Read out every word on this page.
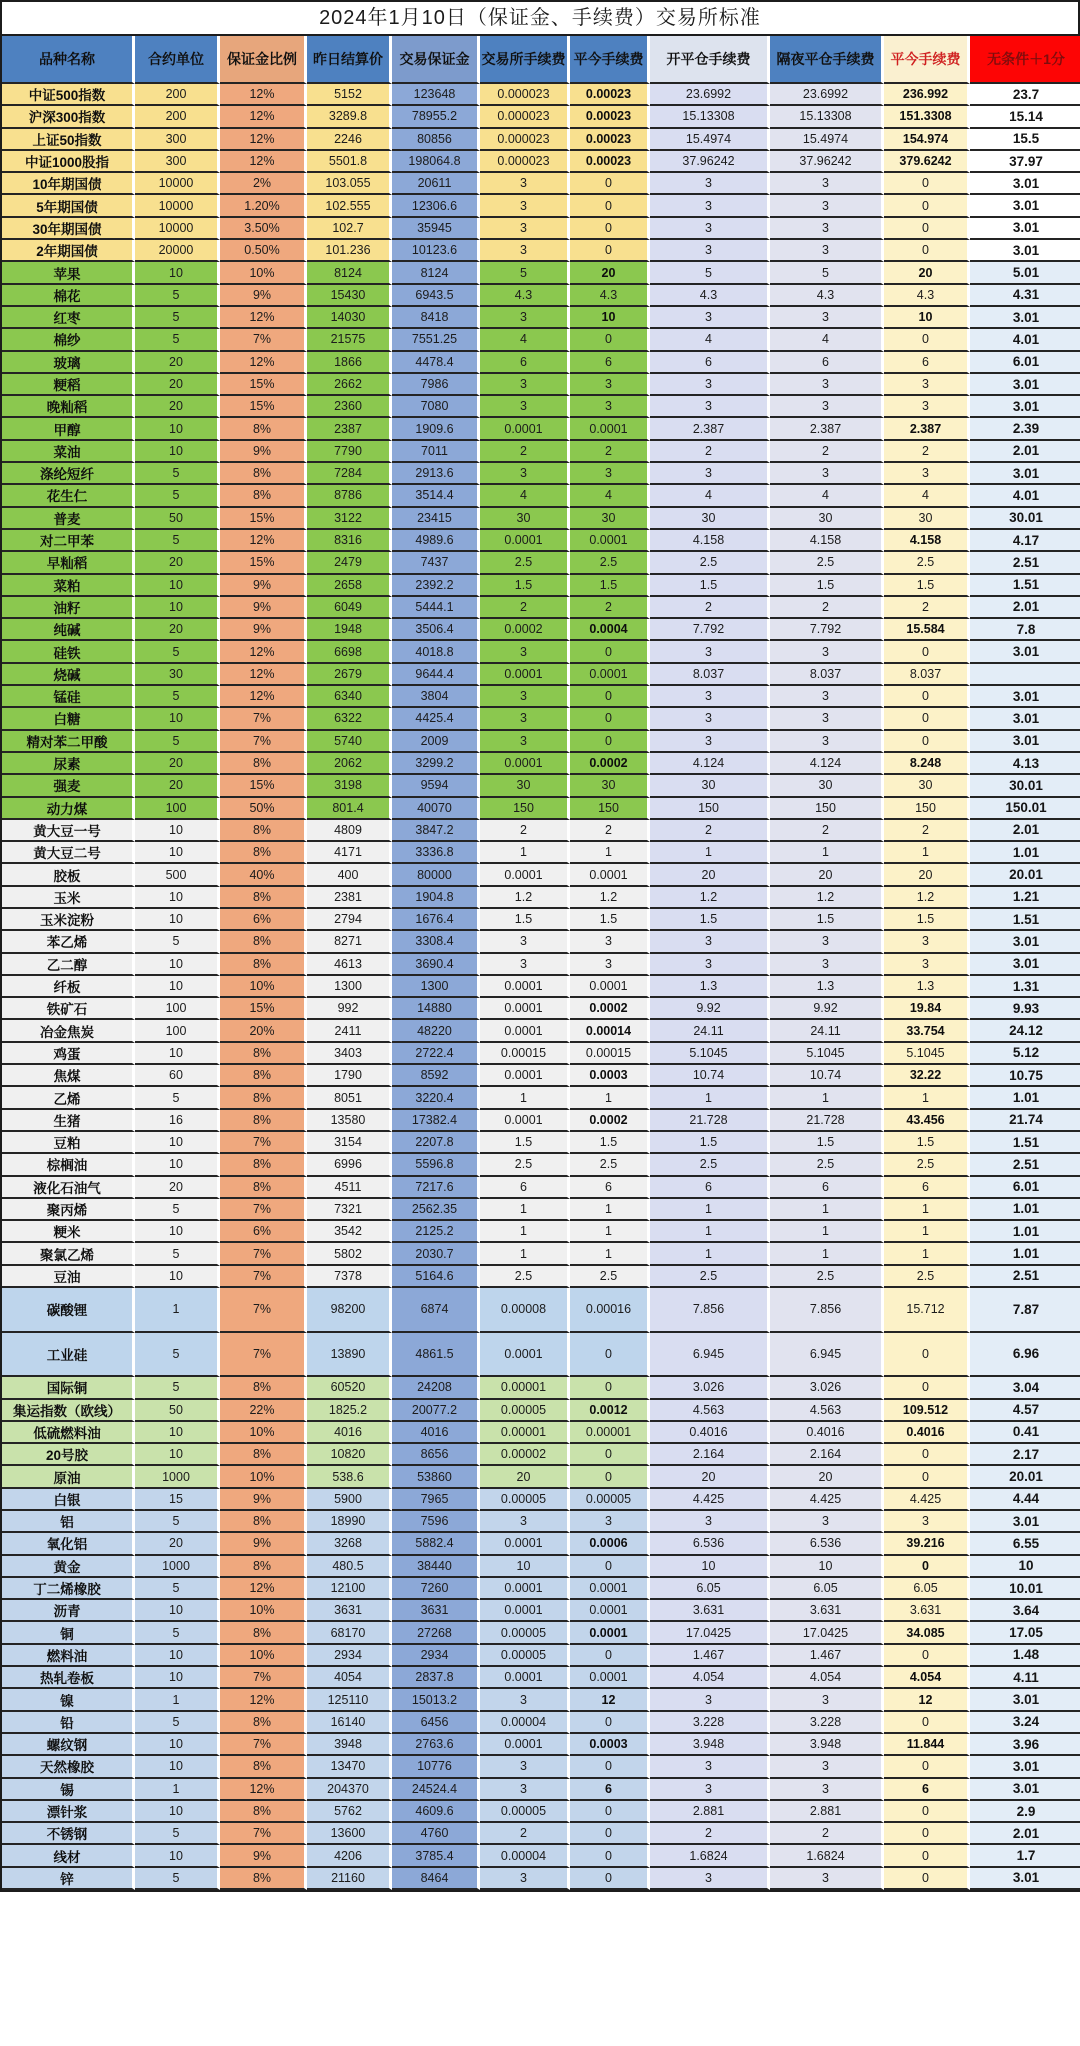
2024年1月10日（保证金、手续费）交易所标准
品种名称	合约单位	保证金比例	昨日结算价	交易保证金	交易所手续费	平今手续费	开平仓手续费	隔夜平仓手续费	平今手续费	无条件＋1分
中证500指数	200	12%	5152	123648	0.000023	0.00023	23.6992	23.6992	236.992	23.7
沪深300指数	200	12%	3289.8	78955.2	0.000023	0.00023	15.13308	15.13308	151.3308	15.14
上证50指数	300	12%	2246	80856	0.000023	0.00023	15.4974	15.4974	154.974	15.5
中证1000股指	300	12%	5501.8	198064.8	0.000023	0.00023	37.96242	37.96242	379.6242	37.97
10年期国债	10000	2%	103.055	20611	3	0	3	3	0	3.01
5年期国债	10000	1.20%	102.555	12306.6	3	0	3	3	0	3.01
30年期国债	10000	3.50%	102.7	35945	3	0	3	3	0	3.01
2年期国债	20000	0.50%	101.236	10123.6	3	0	3	3	0	3.01
苹果	10	10%	8124	8124	5	20	5	5	20	5.01
棉花	5	9%	15430	6943.5	4.3	4.3	4.3	4.3	4.3	4.31
红枣	5	12%	14030	8418	3	10	3	3	10	3.01
棉纱	5	7%	21575	7551.25	4	0	4	4	0	4.01
玻璃	20	12%	1866	4478.4	6	6	6	6	6	6.01
粳稻	20	15%	2662	7986	3	3	3	3	3	3.01
晚籼稻	20	15%	2360	7080	3	3	3	3	3	3.01
甲醇	10	8%	2387	1909.6	0.0001	0.0001	2.387	2.387	2.387	2.39
菜油	10	9%	7790	7011	2	2	2	2	2	2.01
涤纶短纤	5	8%	7284	2913.6	3	3	3	3	3	3.01
花生仁	5	8%	8786	3514.4	4	4	4	4	4	4.01
普麦	50	15%	3122	23415	30	30	30	30	30	30.01
对二甲苯	5	12%	8316	4989.6	0.0001	0.0001	4.158	4.158	4.158	4.17
早籼稻	20	15%	2479	7437	2.5	2.5	2.5	2.5	2.5	2.51
菜粕	10	9%	2658	2392.2	1.5	1.5	1.5	1.5	1.5	1.51
油籽	10	9%	6049	5444.1	2	2	2	2	2	2.01
纯碱	20	9%	1948	3506.4	0.0002	0.0004	7.792	7.792	15.584	7.8
硅铁	5	12%	6698	4018.8	3	0	3	3	0	3.01
烧碱	30	12%	2679	9644.4	0.0001	0.0001	8.037	8.037	8.037	
锰硅	5	12%	6340	3804	3	0	3	3	0	3.01
白糖	10	7%	6322	4425.4	3	0	3	3	0	3.01
精对苯二甲酸	5	7%	5740	2009	3	0	3	3	0	3.01
尿素	20	8%	2062	3299.2	0.0001	0.0002	4.124	4.124	8.248	4.13
强麦	20	15%	3198	9594	30	30	30	30	30	30.01
动力煤	100	50%	801.4	40070	150	150	150	150	150	150.01
黄大豆一号	10	8%	4809	3847.2	2	2	2	2	2	2.01
黄大豆二号	10	8%	4171	3336.8	1	1	1	1	1	1.01
胶板	500	40%	400	80000	0.0001	0.0001	20	20	20	20.01
玉米	10	8%	2381	1904.8	1.2	1.2	1.2	1.2	1.2	1.21
玉米淀粉	10	6%	2794	1676.4	1.5	1.5	1.5	1.5	1.5	1.51
苯乙烯	5	8%	8271	3308.4	3	3	3	3	3	3.01
乙二醇	10	8%	4613	3690.4	3	3	3	3	3	3.01
纤板	10	10%	1300	1300	0.0001	0.0001	1.3	1.3	1.3	1.31
铁矿石	100	15%	992	14880	0.0001	0.0002	9.92	9.92	19.84	9.93
冶金焦炭	100	20%	2411	48220	0.0001	0.00014	24.11	24.11	33.754	24.12
鸡蛋	10	8%	3403	2722.4	0.00015	0.00015	5.1045	5.1045	5.1045	5.12
焦煤	60	8%	1790	8592	0.0001	0.0003	10.74	10.74	32.22	10.75
乙烯	5	8%	8051	3220.4	1	1	1	1	1	1.01
生猪	16	8%	13580	17382.4	0.0001	0.0002	21.728	21.728	43.456	21.74
豆粕	10	7%	3154	2207.8	1.5	1.5	1.5	1.5	1.5	1.51
棕榈油	10	8%	6996	5596.8	2.5	2.5	2.5	2.5	2.5	2.51
液化石油气	20	8%	4511	7217.6	6	6	6	6	6	6.01
聚丙烯	5	7%	7321	2562.35	1	1	1	1	1	1.01
粳米	10	6%	3542	2125.2	1	1	1	1	1	1.01
聚氯乙烯	5	7%	5802	2030.7	1	1	1	1	1	1.01
豆油	10	7%	7378	5164.6	2.5	2.5	2.5	2.5	2.5	2.51
碳酸锂	1	7%	98200	6874	0.00008	0.00016	7.856	7.856	15.712	7.87
工业硅	5	7%	13890	4861.5	0.0001	0	6.945	6.945	0	6.96
国际铜	5	8%	60520	24208	0.00001	0	3.026	3.026	0	3.04
集运指数（欧线）	50	22%	1825.2	20077.2	0.00005	0.0012	4.563	4.563	109.512	4.57
低硫燃料油	10	10%	4016	4016	0.00001	0.00001	0.4016	0.4016	0.4016	0.41
20号胶	10	8%	10820	8656	0.00002	0	2.164	2.164	0	2.17
原油	1000	10%	538.6	53860	20	0	20	20	0	20.01
白银	15	9%	5900	7965	0.00005	0.00005	4.425	4.425	4.425	4.44
铝	5	8%	18990	7596	3	3	3	3	3	3.01
氧化铝	20	9%	3268	5882.4	0.0001	0.0006	6.536	6.536	39.216	6.55
黄金	1000	8%	480.5	38440	10	0	10	10	0	10
丁二烯橡胶	5	12%	12100	7260	0.0001	0.0001	6.05	6.05	6.05	10.01
沥青	10	10%	3631	3631	0.0001	0.0001	3.631	3.631	3.631	3.64
铜	5	8%	68170	27268	0.00005	0.0001	17.0425	17.0425	34.085	17.05
燃料油	10	10%	2934	2934	0.00005	0	1.467	1.467	0	1.48
热轧卷板	10	7%	4054	2837.8	0.0001	0.0001	4.054	4.054	4.054	4.11
镍	1	12%	125110	15013.2	3	12	3	3	12	3.01
铅	5	8%	16140	6456	0.00004	0	3.228	3.228	0	3.24
螺纹钢	10	7%	3948	2763.6	0.0001	0.0003	3.948	3.948	11.844	3.96
天然橡胶	10	8%	13470	10776	3	0	3	3	0	3.01
锡	1	12%	204370	24524.4	3	6	3	3	6	3.01
漂针浆	10	8%	5762	4609.6	0.00005	0	2.881	2.881	0	2.9
不锈钢	5	7%	13600	4760	2	0	2	2	0	2.01
线材	10	9%	4206	3785.4	0.00004	0	1.6824	1.6824	0	1.7
锌	5	8%	21160	8464	3	0	3	3	0	3.01
